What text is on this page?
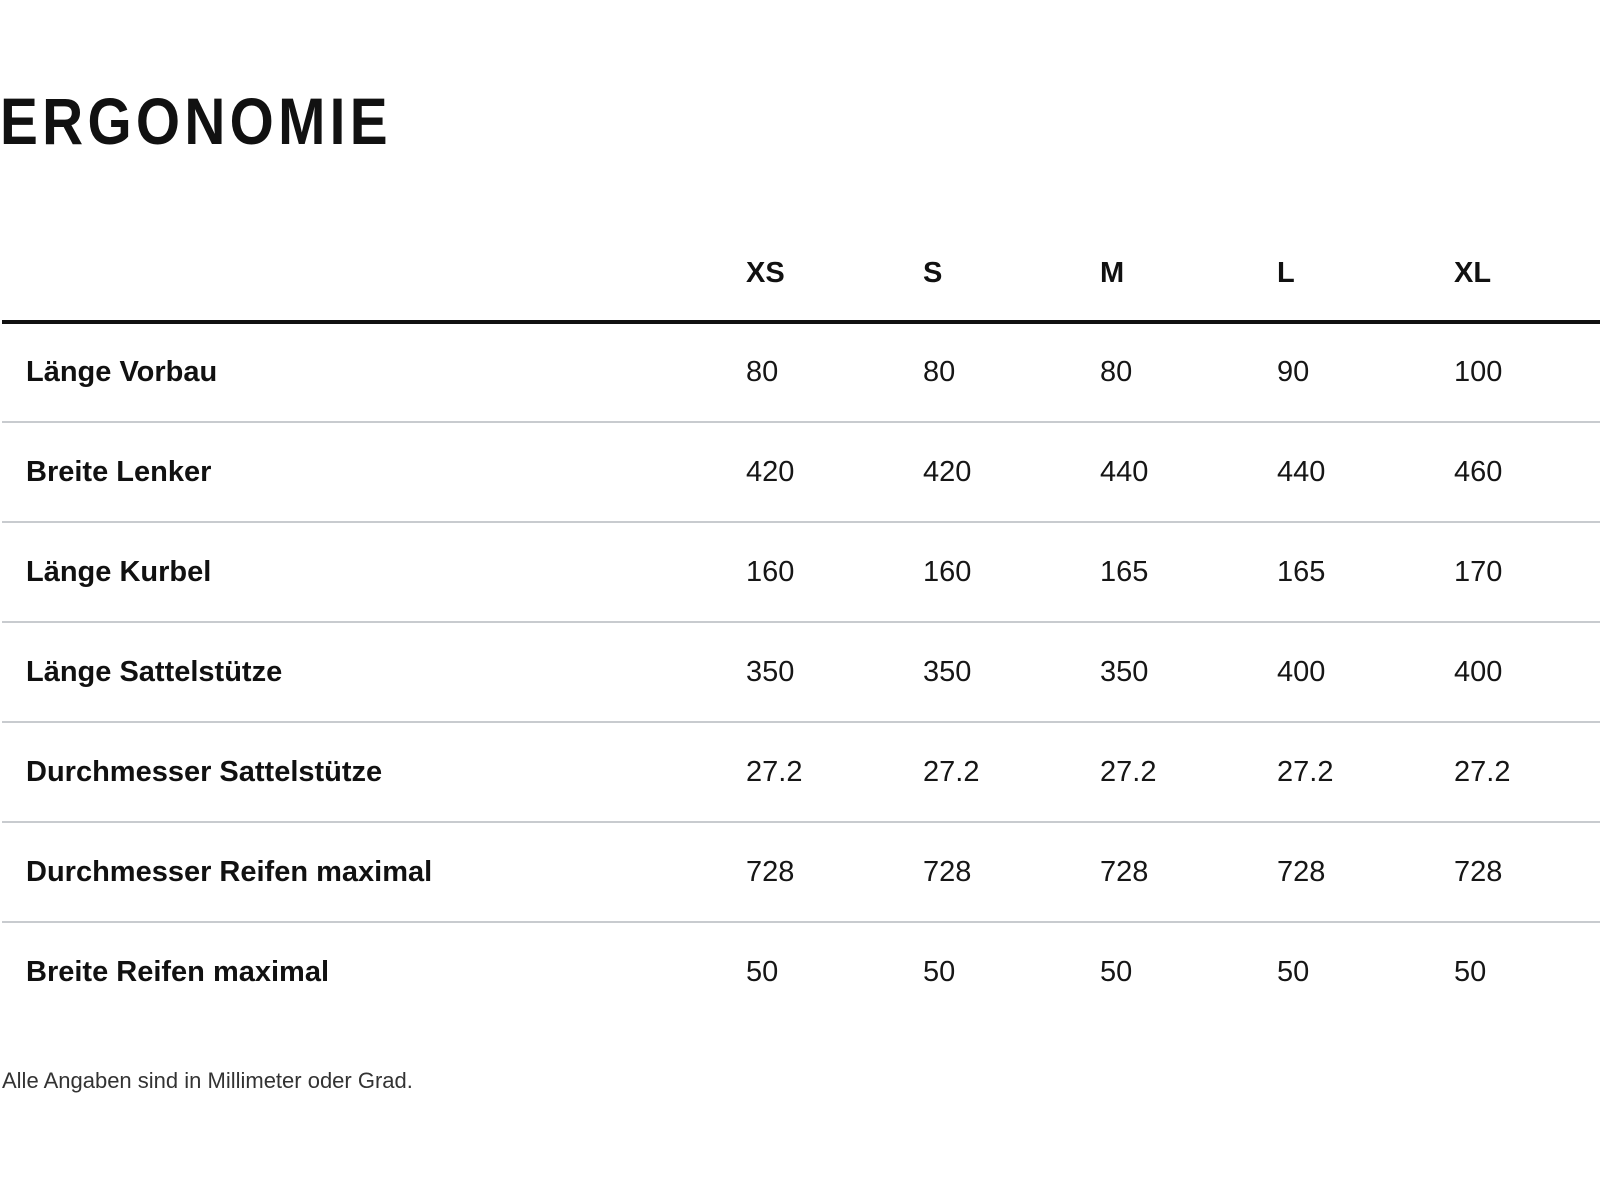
ERGONOMIE
	XS	S	M	L	XL
Länge Vorbau	80	80	80	90	100
Breite Lenker	420	420	440	440	460
Länge Kurbel	160	160	165	165	170
Länge Sattelstütze	350	350	350	400	400
Durchmesser Sattelstütze	27.2	27.2	27.2	27.2	27.2
Durchmesser Reifen maximal	728	728	728	728	728
Breite Reifen maximal	50	50	50	50	50

Alle Angaben sind in Millimeter oder Grad.
